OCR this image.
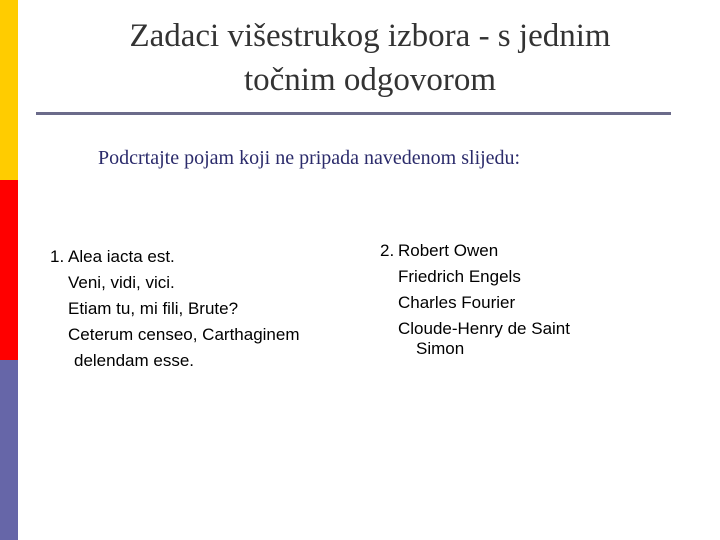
Zadaci višestrukog izbora - s jednim
točnim odgovorom
Podcrtajte pojam koji ne pripada navedenom slijedu:
1. Alea iacta est.
Veni, vidi, vici.
Etiam tu, mi fili, Brute?
Ceterum censeo, Carthaginem
delendam esse.
2. Robert Owen
Friedrich Engels
Charles Fourier
Cloude-Henry de Saint
Simon
